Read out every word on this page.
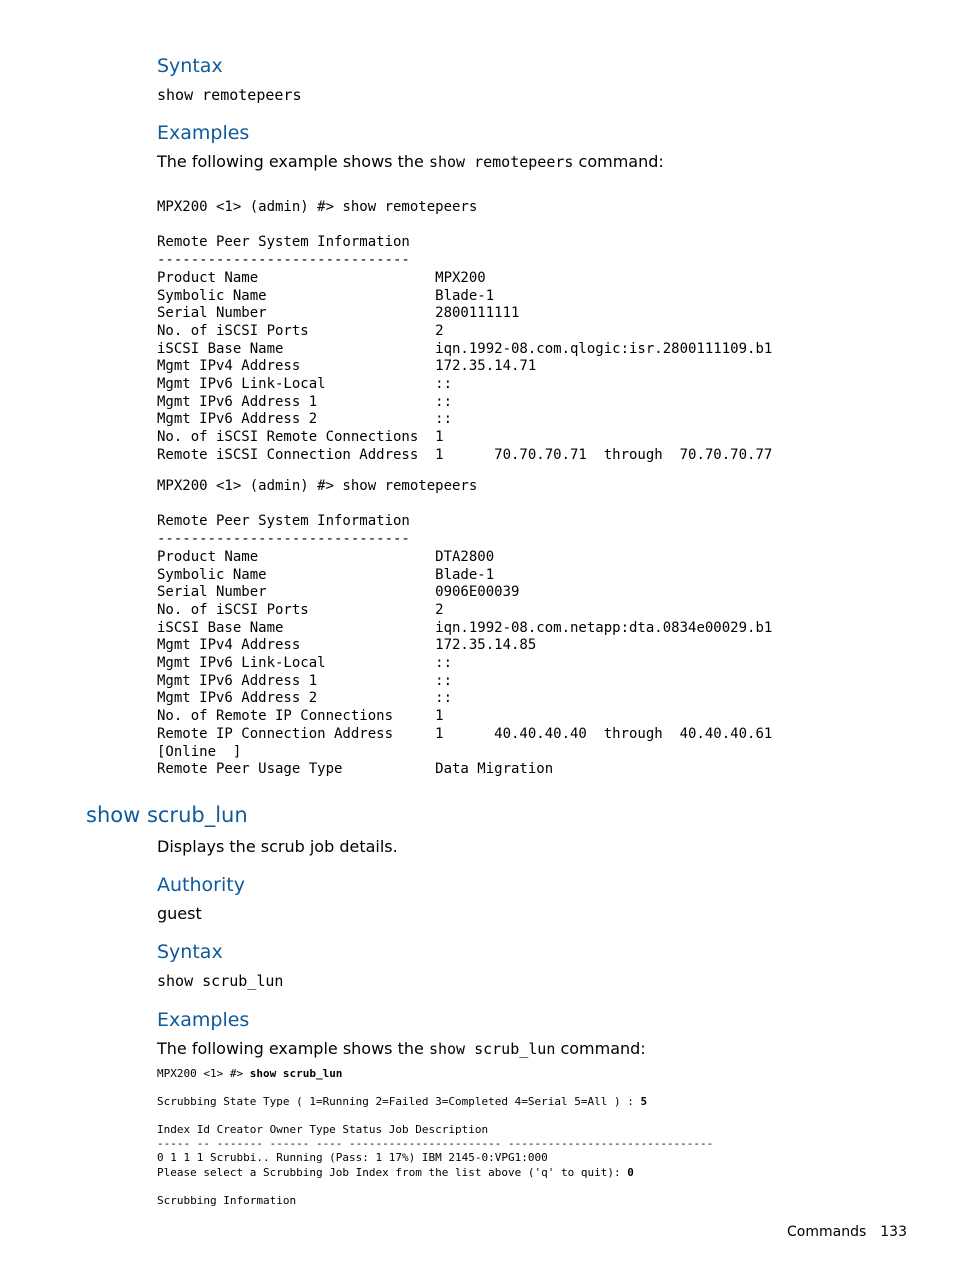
Syntax
show remotepeers
Examples
The following example shows the show remotepeers command:
MPX200 <1> (admin) #> show remotepeers

Remote Peer System Information
------------------------------
Product Name                     MPX200
Symbolic Name                    Blade-1
Serial Number                    2800111111
No. of iSCSI Ports               2
iSCSI Base Name                  iqn.1992-08.com.qlogic:isr.2800111109.b1
Mgmt IPv4 Address                172.35.14.71
Mgmt IPv6 Link-Local             ::
Mgmt IPv6 Address 1              ::
Mgmt IPv6 Address 2              ::
No. of iSCSI Remote Connections  1
Remote iSCSI Connection Address  1      70.70.70.71  through  70.70.70.77
MPX200 <1> (admin) #> show remotepeers

Remote Peer System Information
------------------------------
Product Name                     DTA2800
Symbolic Name                    Blade-1
Serial Number                    0906E00039
No. of iSCSI Ports               2
iSCSI Base Name                  iqn.1992-08.com.netapp:dta.0834e00029.b1
Mgmt IPv4 Address                172.35.14.85
Mgmt IPv6 Link-Local             ::
Mgmt IPv6 Address 1              ::
Mgmt IPv6 Address 2              ::
No. of Remote IP Connections     1
Remote IP Connection Address     1      40.40.40.40  through  40.40.40.61
[Online  ]
Remote Peer Usage Type           Data Migration
show scrub_lun
Displays the scrub job details.
Authority
guest
Syntax
show scrub_lun
Examples
The following example shows the show scrub_lun command:
MPX200 <1> #> show scrub_lun
Scrubbing State Type ( 1=Running 2=Failed 3=Completed 4=Serial 5=All ) : 5
Index Id Creator Owner Type Status Job Description
----- -- ------- ------ ---- ----------------------- -------------------------------
0 1 1 1 Scrubbi.. Running (Pass: 1 17%) IBM 2145-0:VPG1:000
Please select a Scrubbing Job Index from the list above ('q' to quit): 0
Scrubbing Information
Commands 133
